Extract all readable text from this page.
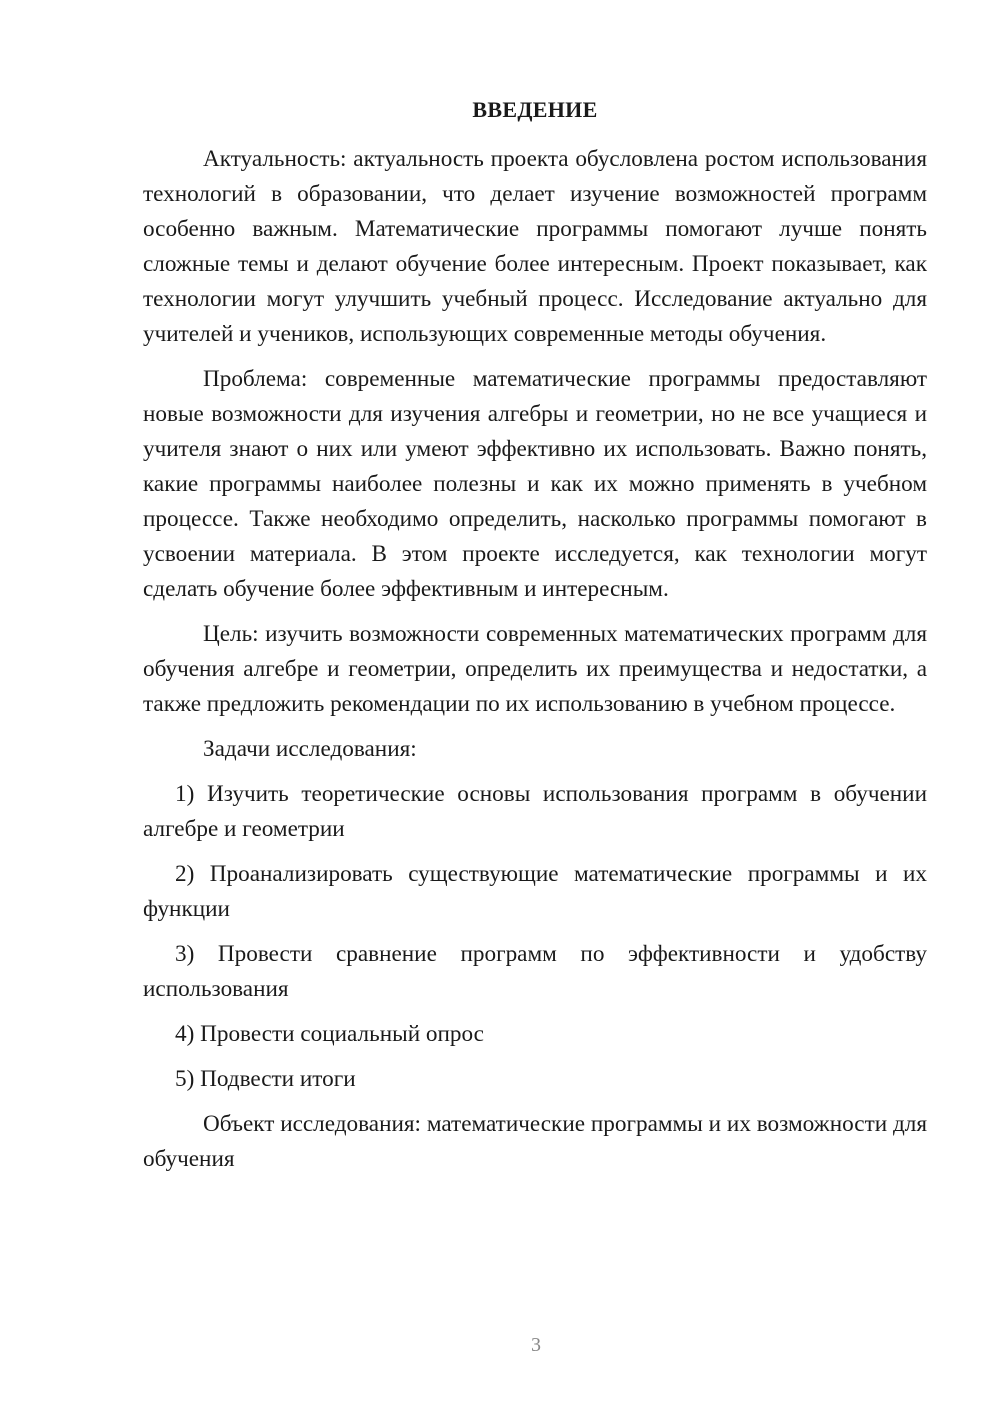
ВВЕДЕНИЕ

Актуальность: актуальность проекта обусловлена ростом использования технологий в образовании, что делает изучение возможностей программ особенно важным. Математические программы помогают лучше понять сложные темы и делают обучение более интересным. Проект показывает, как технологии могут улучшить учебный процесс. Исследование актуально для учителей и учеников, использующих современные методы обучения.

Проблема: современные математические программы предоставляют новые возможности для изучения алгебры и геометрии, но не все учащиеся и учителя знают о них или умеют эффективно их использовать. Важно понять, какие программы наиболее полезны и как их можно применять в учебном процессе. Также необходимо определить, насколько программы помогают в усвоении материала. В этом проекте исследуется, как технологии могут сделать обучение более эффективным и интересным.

Цель: изучить возможности современных математических программ для обучения алгебре и геометрии, определить их преимущества и недостатки, а также предложить рекомендации по их использованию в учебном процессе.

Задачи исследования:

1) Изучить теоретические основы использования программ в обучении алгебре и геометрии

2) Проанализировать существующие математические программы и их функции

3) Провести сравнение программ по эффективности и удобству использования

4) Провести социальный опрос

5) Подвести итоги

Объект исследования: математические программы и их возможности для обучения

3
